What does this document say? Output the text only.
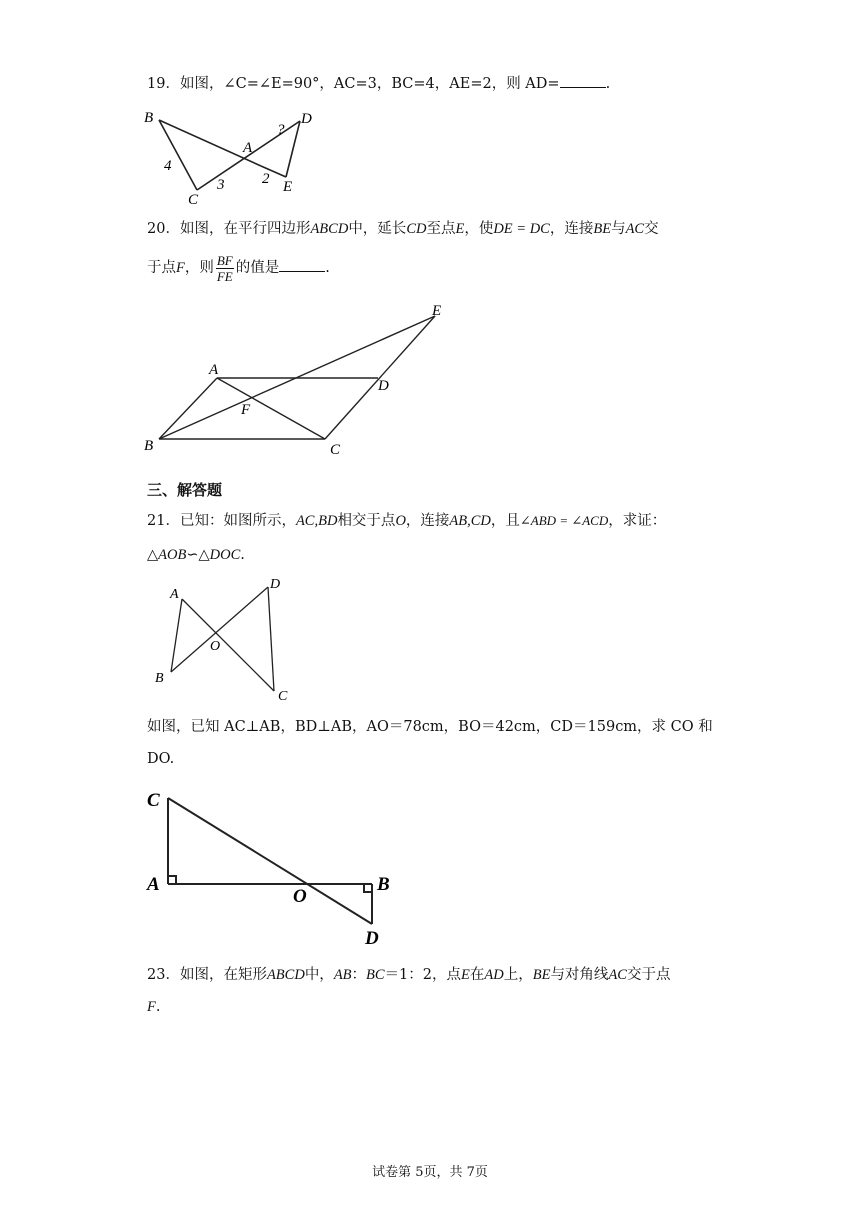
19．如图，∠C=∠E=90°，AC=3，BC=4，AE=2，则 AD=	.
B	D
A
C
E
4
3	2
?
20．如图，在平行四边形ABCD中，延长CD至点E，使DE = DC，连接BE与AC交
于点F，则 $\frac{BF}{FE}$ 的值是	.
A
B	C
D
E
F
三、解答题
21．已知：如图所示，AC,BD相交于点O，连接AB,CD，且∠ABD = ∠ACD，求证：
△AOB∽△DOC.
A
B
C
D
O
如图，已知 AC⊥AB，BD⊥AB，AO＝78cm，BO＝42cm，CD＝159cm，求 CO 和
DO.
C
A	B
D
O
23．如图，在矩形ABCD中，AB：BC＝1：2，点E在AD上，BE与对角线AC交于点
F.
试卷第 5页，共 7页
